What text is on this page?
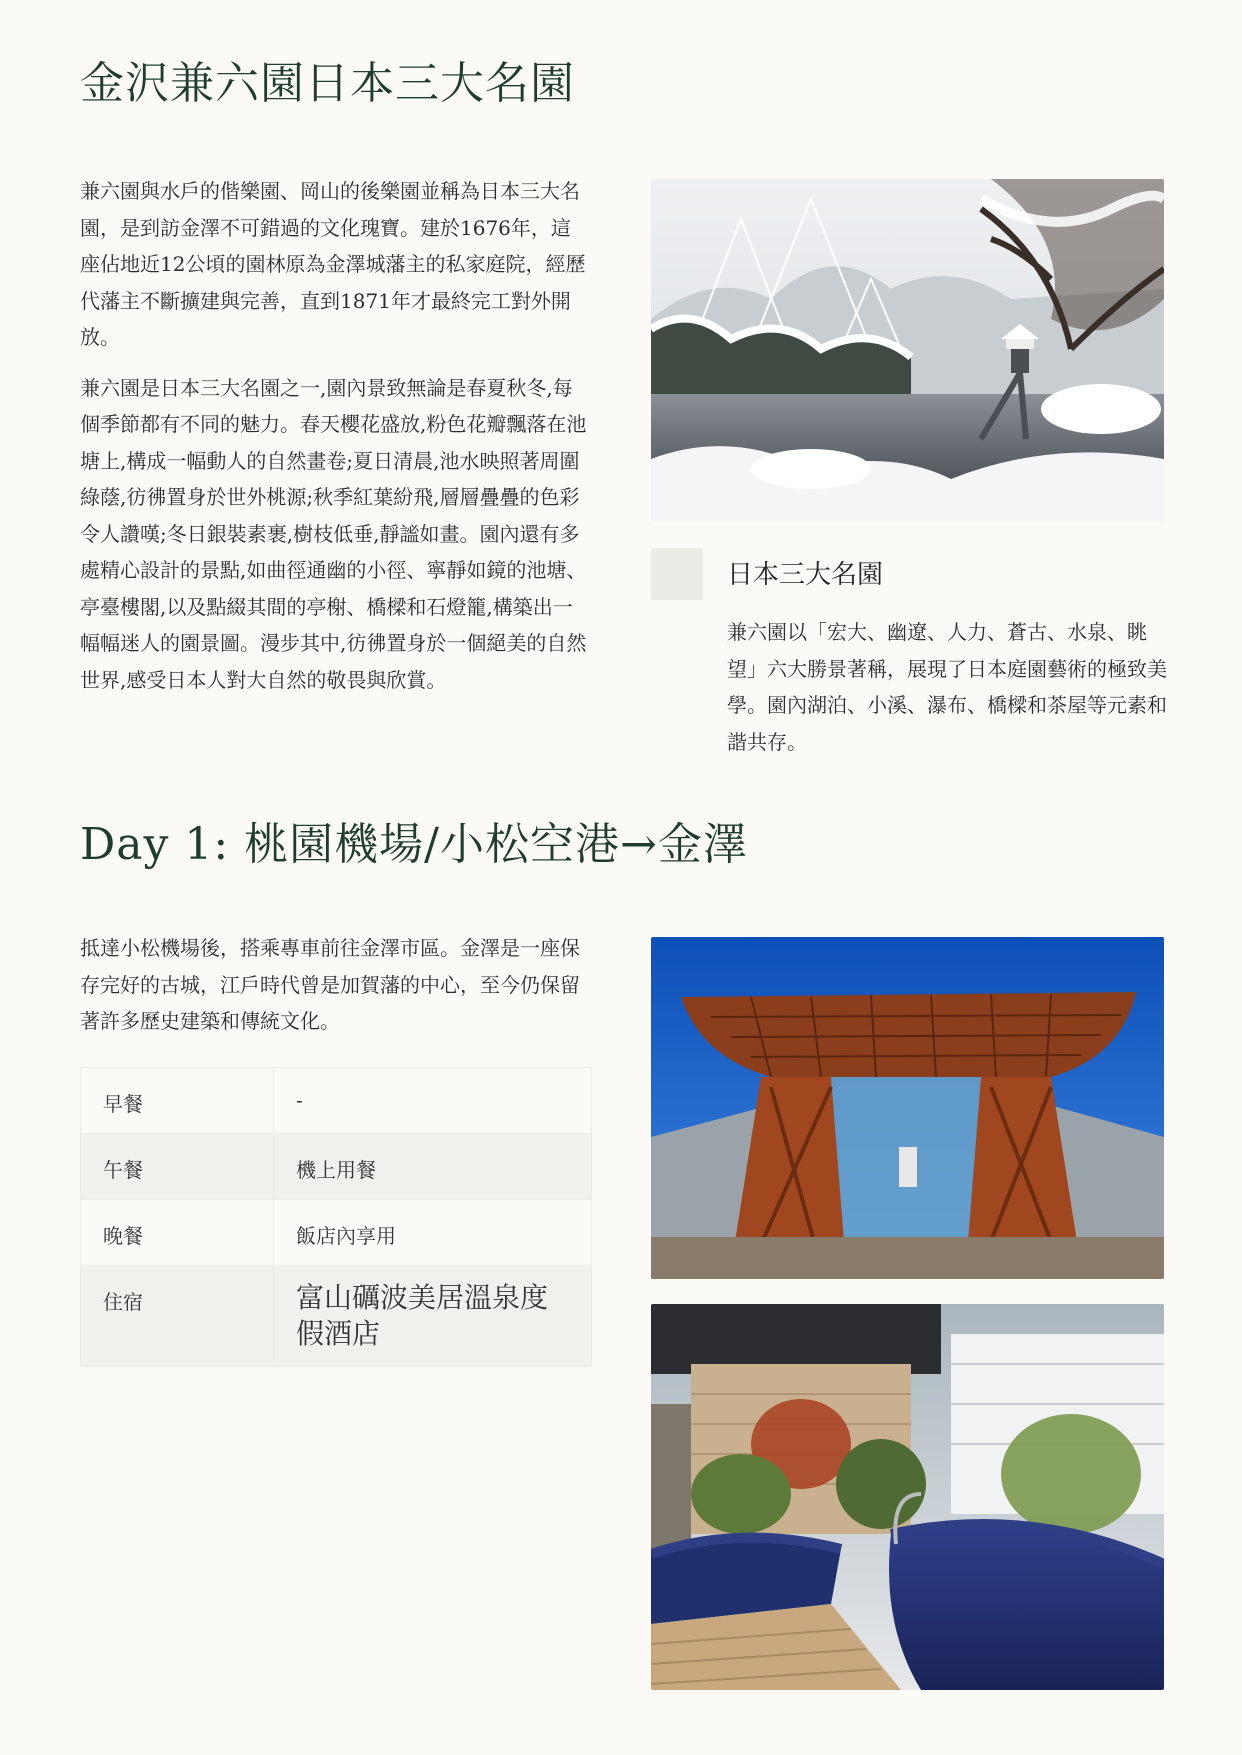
金沢兼六園日本三大名園

兼六園與水戶的偕樂園、岡山的後樂園並稱為日本三大名園，是到訪金澤不可錯過的文化瑰寶。建於1676年，這座佔地近12公頃的園林原為金澤城藩主的私家庭院，經歷代藩主不斷擴建與完善，直到1871年才最終完工對外開放。

兼六園是日本三大名園之一,園內景致無論是春夏秋冬,每個季節都有不同的魅力。春天櫻花盛放,粉色花瓣飄落在池塘上,構成一幅動人的自然畫卷;夏日清晨,池水映照著周圍綠蔭,彷彿置身於世外桃源;秋季紅葉紛飛,層層疊疊的色彩令人讚嘆;冬日銀裝素裹,樹枝低垂,靜謐如畫。園內還有多處精心設計的景點,如曲徑通幽的小徑、寧靜如鏡的池塘、亭臺樓閣,以及點綴其間的亭榭、橋樑和石燈籠,構築出一幅幅迷人的園景圖。漫步其中,彷彿置身於一個絕美的自然世界,感受日本人對大自然的敬畏與欣賞。

日本三大名園

兼六園以「宏大、幽遼、人力、蒼古、水泉、眺望」六大勝景著稱，展現了日本庭園藝術的極致美學。園內湖泊、小溪、瀑布、橋樑和茶屋等元素和諧共存。

Day 1: 桃園機場/小松空港→金澤

抵達小松機場後，搭乘專車前往金澤市區。金澤是一座保存完好的古城，江戶時代曾是加賀藩的中心，至今仍保留著許多歷史建築和傳統文化。

早餐	-
午餐	機上用餐
晚餐	飯店內享用
住宿	富山礪波美居溫泉度假酒店
